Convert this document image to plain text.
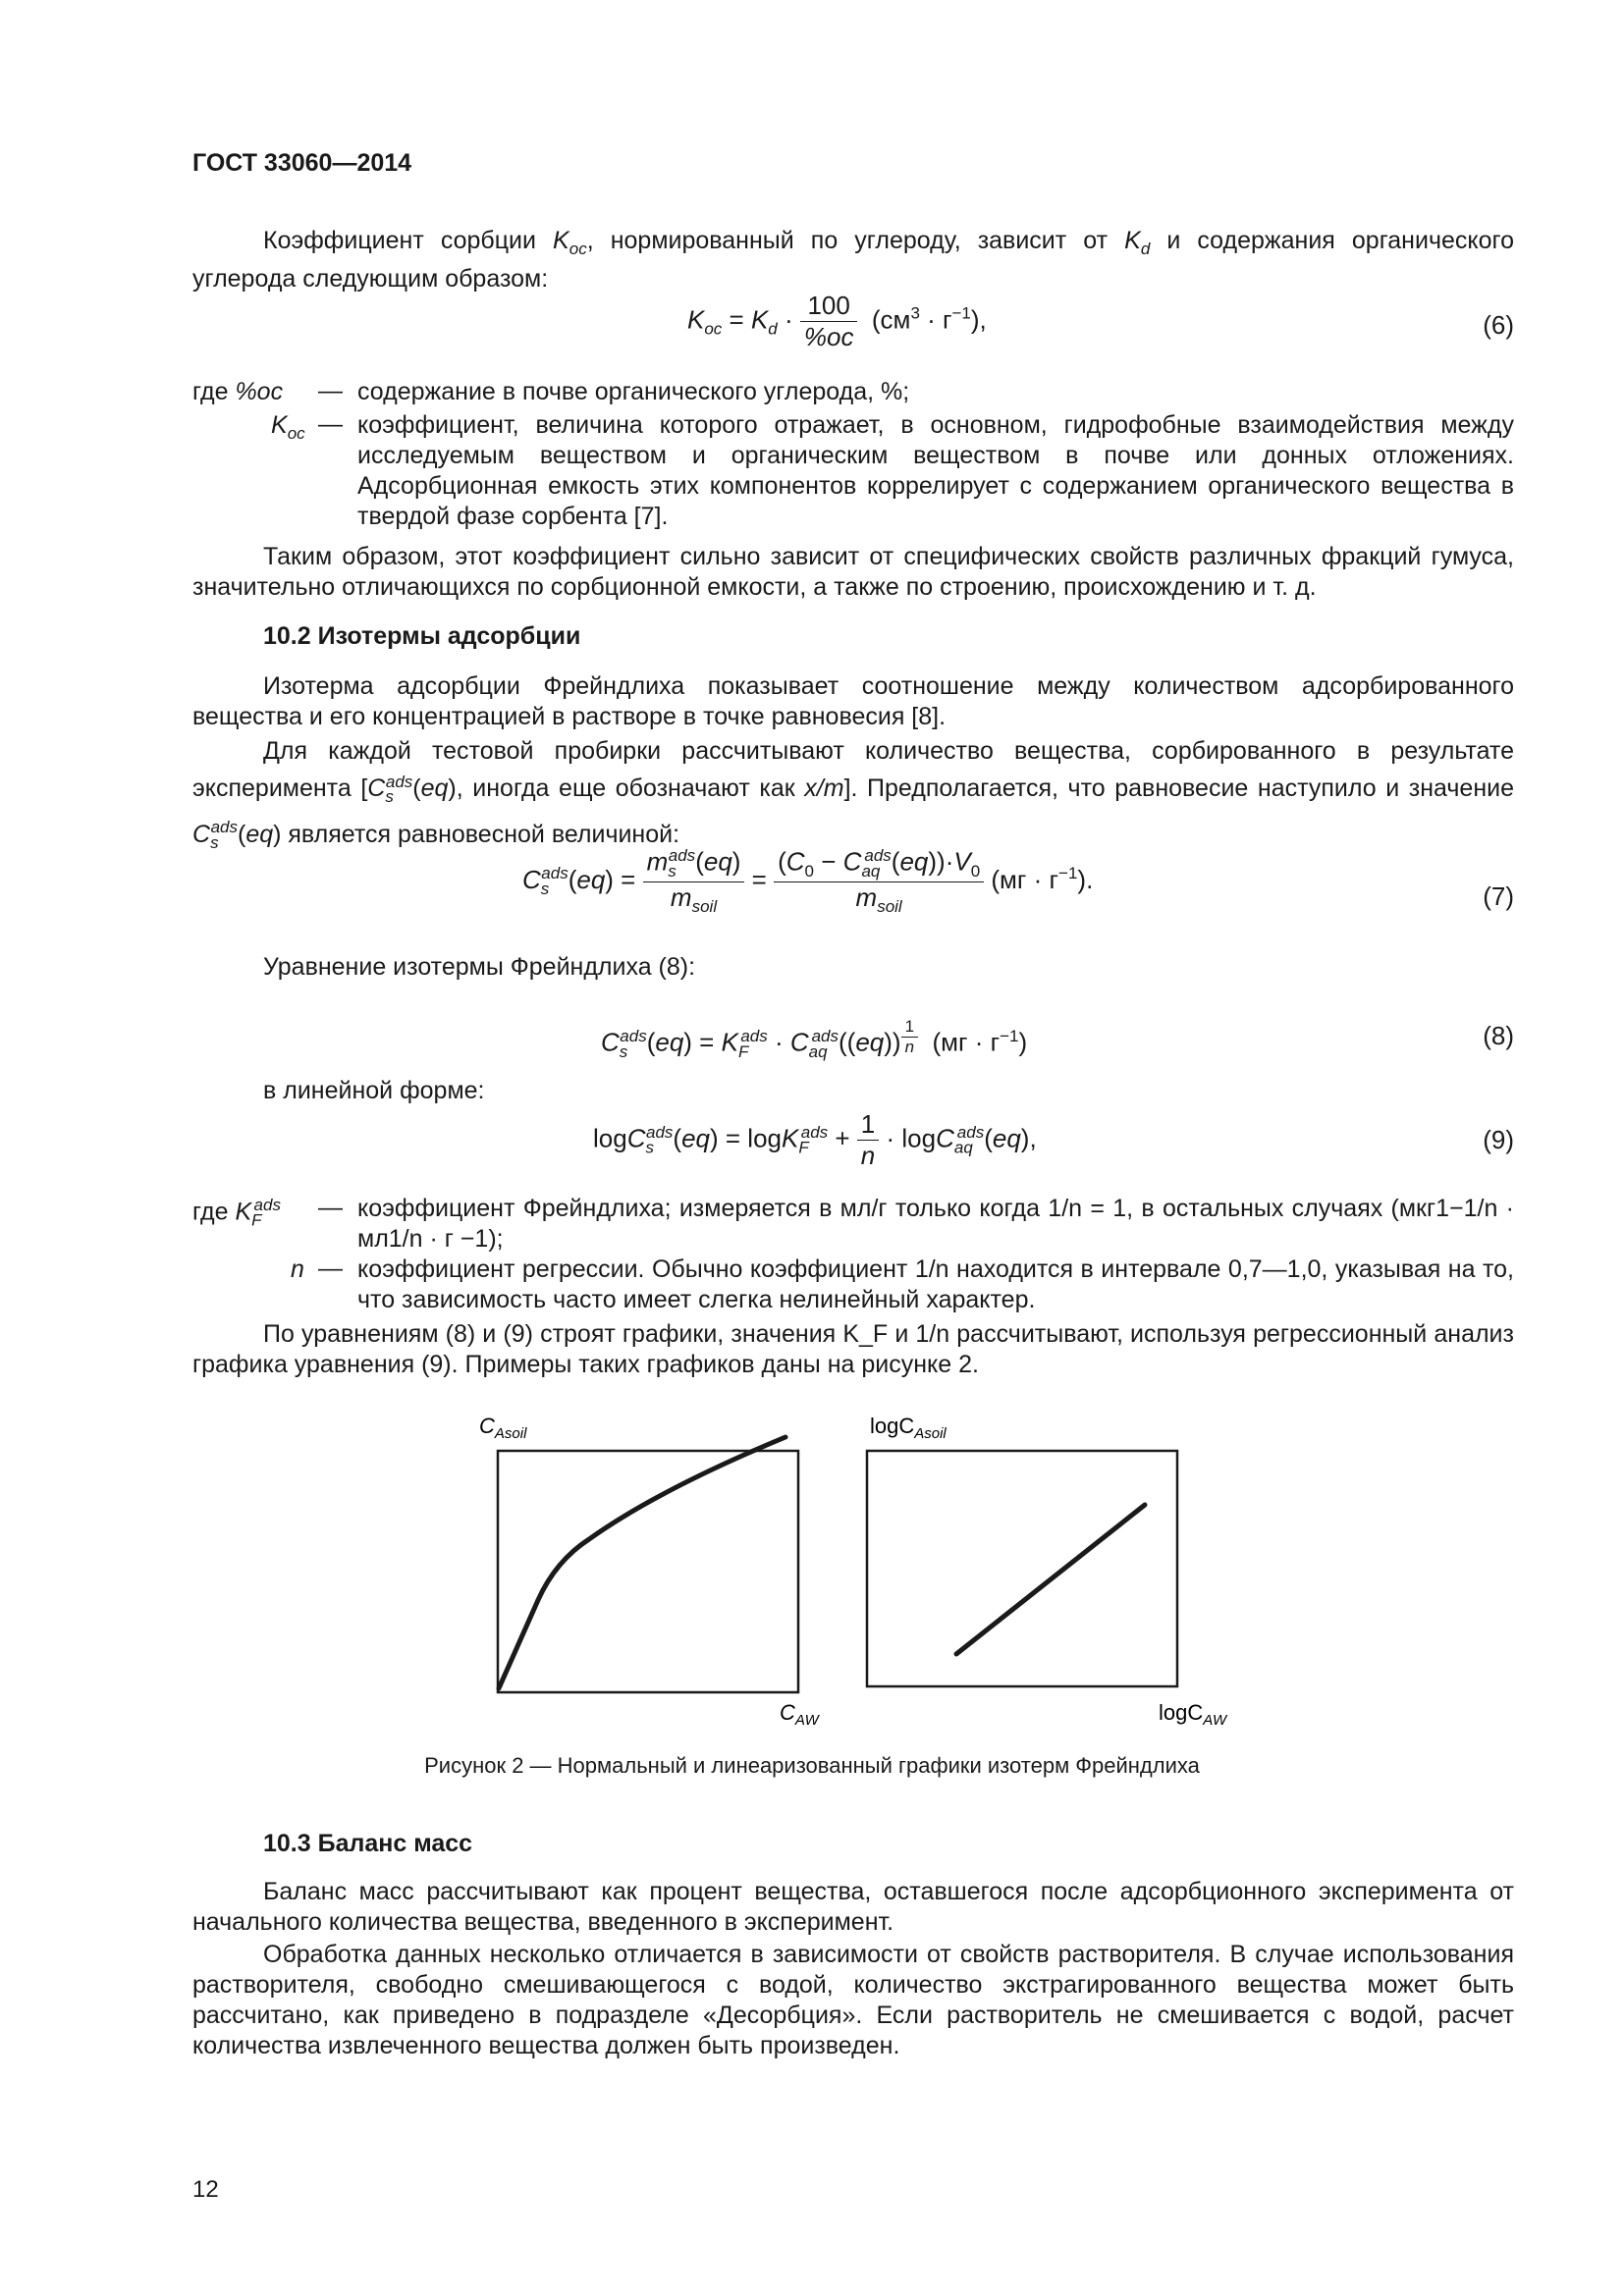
ГОСТ 33060—2014
Коэффициент сорбции $K_{oc}$, нормированный по углероду, зависит от $K_d$ и содержания органического углерода следующим образом:
$K_{oc} = K_d \cdot \frac{100}{\%oc} (см^3 \cdot г^{-1})$,	(6)
где %oc — содержание в почве органического углерода, %;
$K_{oc}$ — коэффициент, величина которого отражает, в основном, гидрофобные взаимодействия между исследуемым веществом и органическим веществом в почве или донных отложениях. Адсорбционная емкость этих компонентов коррелирует с содержанием органического вещества в твердой фазе сорбента [7].
Таким образом, этот коэффициент сильно зависит от специфических свойств различных фракций гумуса, значительно отличающихся по сорбционной емкости, а также по строению, происхождению и т. д.
10.2 Изотермы адсорбции
Изотерма адсорбции Фрейндлиха показывает соотношение между количеством адсорбированного вещества и его концентрацией в растворе в точке равновесия [8].
Для каждой тестовой пробирки рассчитывают количество вещества, сорбированного в результате эксперимента [$C_s^{ads}(eq)$, иногда еще обозначают как x/m]. Предполагается, что равновесие наступило и значение $C_s^{ads}(eq)$ является равновесной величиной:
$C_s^{ads}(eq) = \frac{m_s^{ads}(eq)}{m_{soil}} = \frac{(C_0 - C_{aq}^{ads}(eq))\cdot V_0}{m_{soil}} (мг \cdot г^{-1})$.
(7)
Уравнение изотермы Фрейндлиха (8):
$C_s^{ads}(eq) = K_F^{ads} \cdot C_{aq}^{ads}((eq))$ $^{\frac{1}{n}}$ $(мг \cdot г^{-1})$	(8)
в линейной форме:
$\log C_s^{ads}(eq) = \log K_F^{ads} + \frac{1}{n} \cdot \log C_{aq}^{ads}(eq)$,	(9)
где $K_F^{ads}$ — коэффициент Фрейндлиха; измеряется в мл/г только когда 1/n = 1, в остальных случаях (мкг1−1/n · мл1/n · г −1);
n — коэффициент регрессии. Обычно коэффициент 1/n находится в интервале 0,7—1,0, указывая на то, что зависимость часто имеет слегка нелинейный характер.
По уравнениям (8) и (9) строят графики, значения K_F и 1/n рассчитывают, используя регрессионный анализ графика уравнения (9). Примеры таких графиков даны на рисунке 2.
$C_{Asoil}$
$C_{AW}$
logC$_{Asoil}$
logC$_{AW}$
Рисунок 2 — Нормальный и линеаризованный графики изотерм Фрейндлиха
10.3 Баланс масс
Баланс масс рассчитывают как процент вещества, оставшегося после адсорбционного эксперимента от начального количества вещества, введенного в эксперимент.
Обработка данных несколько отличается в зависимости от свойств растворителя. В случае использования растворителя, свободно смешивающегося с водой, количество экстрагированного вещества может быть рассчитано, как приведено в подразделе «Десорбция». Если растворитель не смешивается с водой, расчет количества извлеченного вещества должен быть произведен.
12
